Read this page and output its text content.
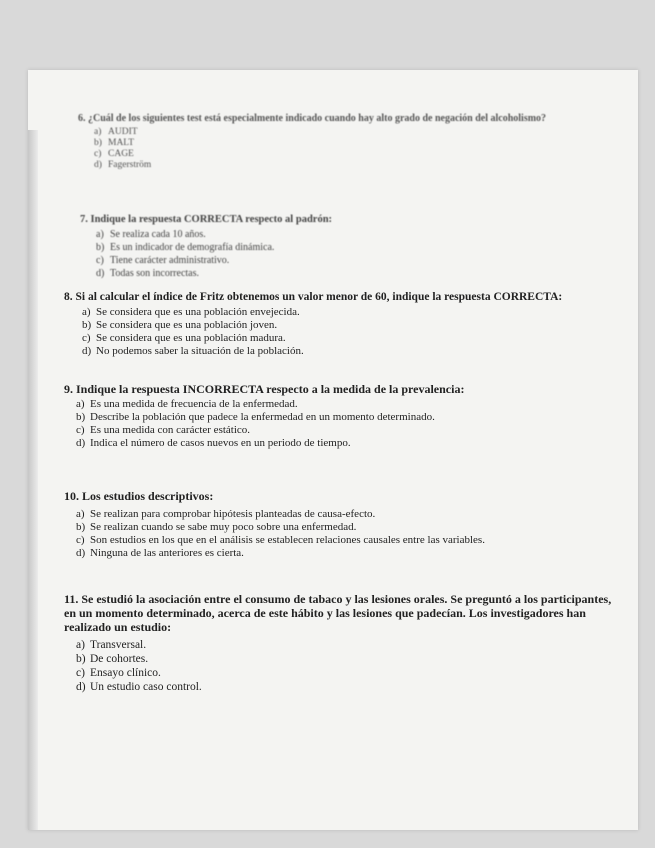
6. ¿Cuál de los siguientes test está especialmente indicado cuando hay alto grado de negación del alcoholismo?
a) AUDIT
b) MALT
c) CAGE
d) Fagerström
7. Indique la respuesta CORRECTA respecto al padrón:
a) Se realiza cada 10 años.
b) Es un indicador de demografía dinámica.
c) Tiene carácter administrativo.
d) Todas son incorrectas.
8. Si al calcular el índice de Fritz obtenemos un valor menor de 60, indique la respuesta CORRECTA:
a) Se considera que es una población envejecida.
b) Se considera que es una población joven.
c) Se considera que es una población madura.
d) No podemos saber la situación de la población.
9. Indique la respuesta INCORRECTA respecto a la medida de la prevalencia:
a) Es una medida de frecuencia de la enfermedad.
b) Describe la población que padece la enfermedad en un momento determinado.
c) Es una medida con carácter estático.
d) Indica el número de casos nuevos en un periodo de tiempo.
10. Los estudios descriptivos:
a) Se realizan para comprobar hipótesis planteadas de causa-efecto.
b) Se realizan cuando se sabe muy poco sobre una enfermedad.
c) Son estudios en los que en el análisis se establecen relaciones causales entre las variables.
d) Ninguna de las anteriores es cierta.
11. Se estudió la asociación entre el consumo de tabaco y las lesiones orales. Se preguntó a los participantes, en un momento determinado, acerca de este hábito y las lesiones que padecían. Los investigadores han realizado un estudio:
a) Transversal.
b) De cohortes.
c) Ensayo clínico.
d) Un estudio caso control.
